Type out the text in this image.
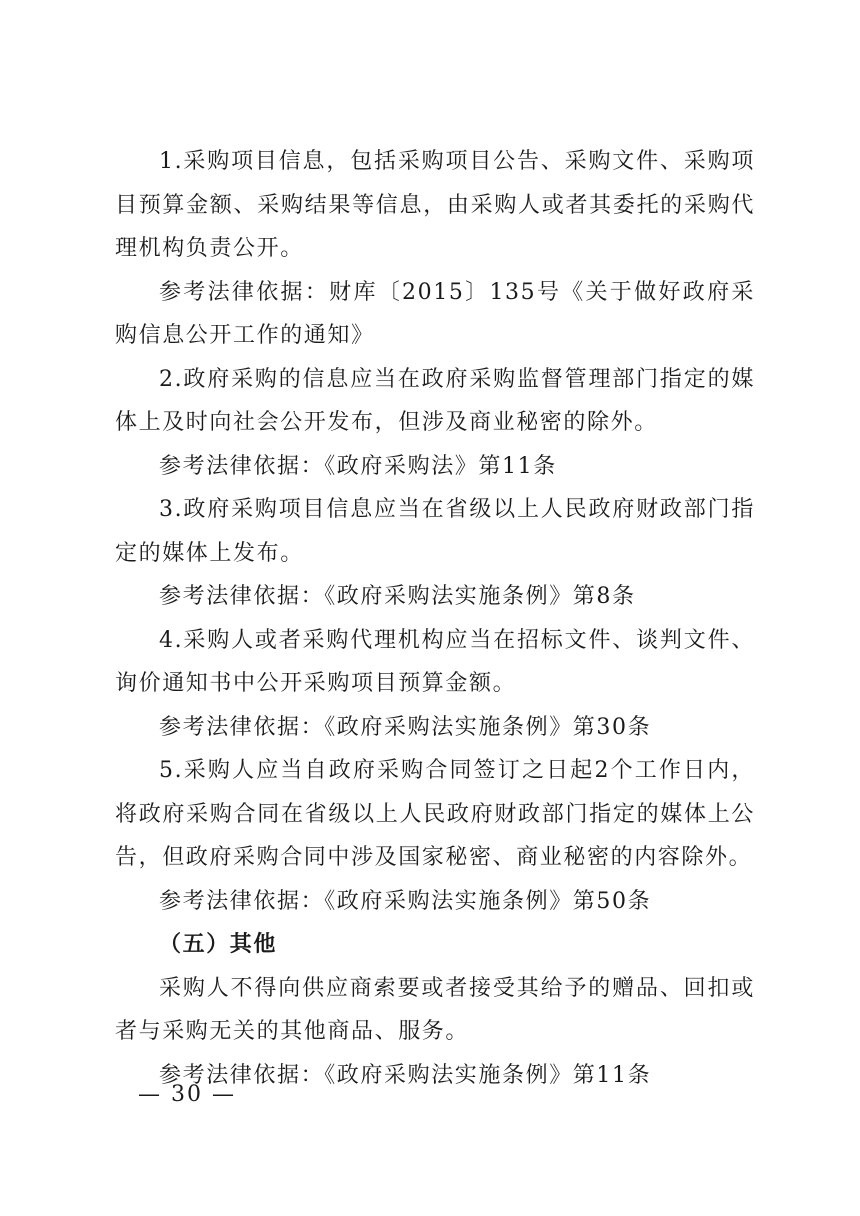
1.采购项目信息，包括采购项目公告、采购文件、采购项目预算金额、采购结果等信息，由采购人或者其委托的采购代理机构负责公开。

参考法律依据：财库〔2015〕135号《关于做好政府采购信息公开工作的通知》

2.政府采购的信息应当在政府采购监督管理部门指定的媒体上及时向社会公开发布，但涉及商业秘密的除外。

参考法律依据：《政府采购法》第11条

3.政府采购项目信息应当在省级以上人民政府财政部门指定的媒体上发布。

参考法律依据：《政府采购法实施条例》第8条

4.采购人或者采购代理机构应当在招标文件、谈判文件、询价通知书中公开采购项目预算金额。

参考法律依据：《政府采购法实施条例》第30条

5.采购人应当自政府采购合同签订之日起2个工作日内，将政府采购合同在省级以上人民政府财政部门指定的媒体上公告，但政府采购合同中涉及国家秘密、商业秘密的内容除外。

参考法律依据：《政府采购法实施条例》第50条

（五）其他

采购人不得向供应商索要或者接受其给予的赠品、回扣或者与采购无关的其他商品、服务。

参考法律依据：《政府采购法实施条例》第11条

— 30 —
